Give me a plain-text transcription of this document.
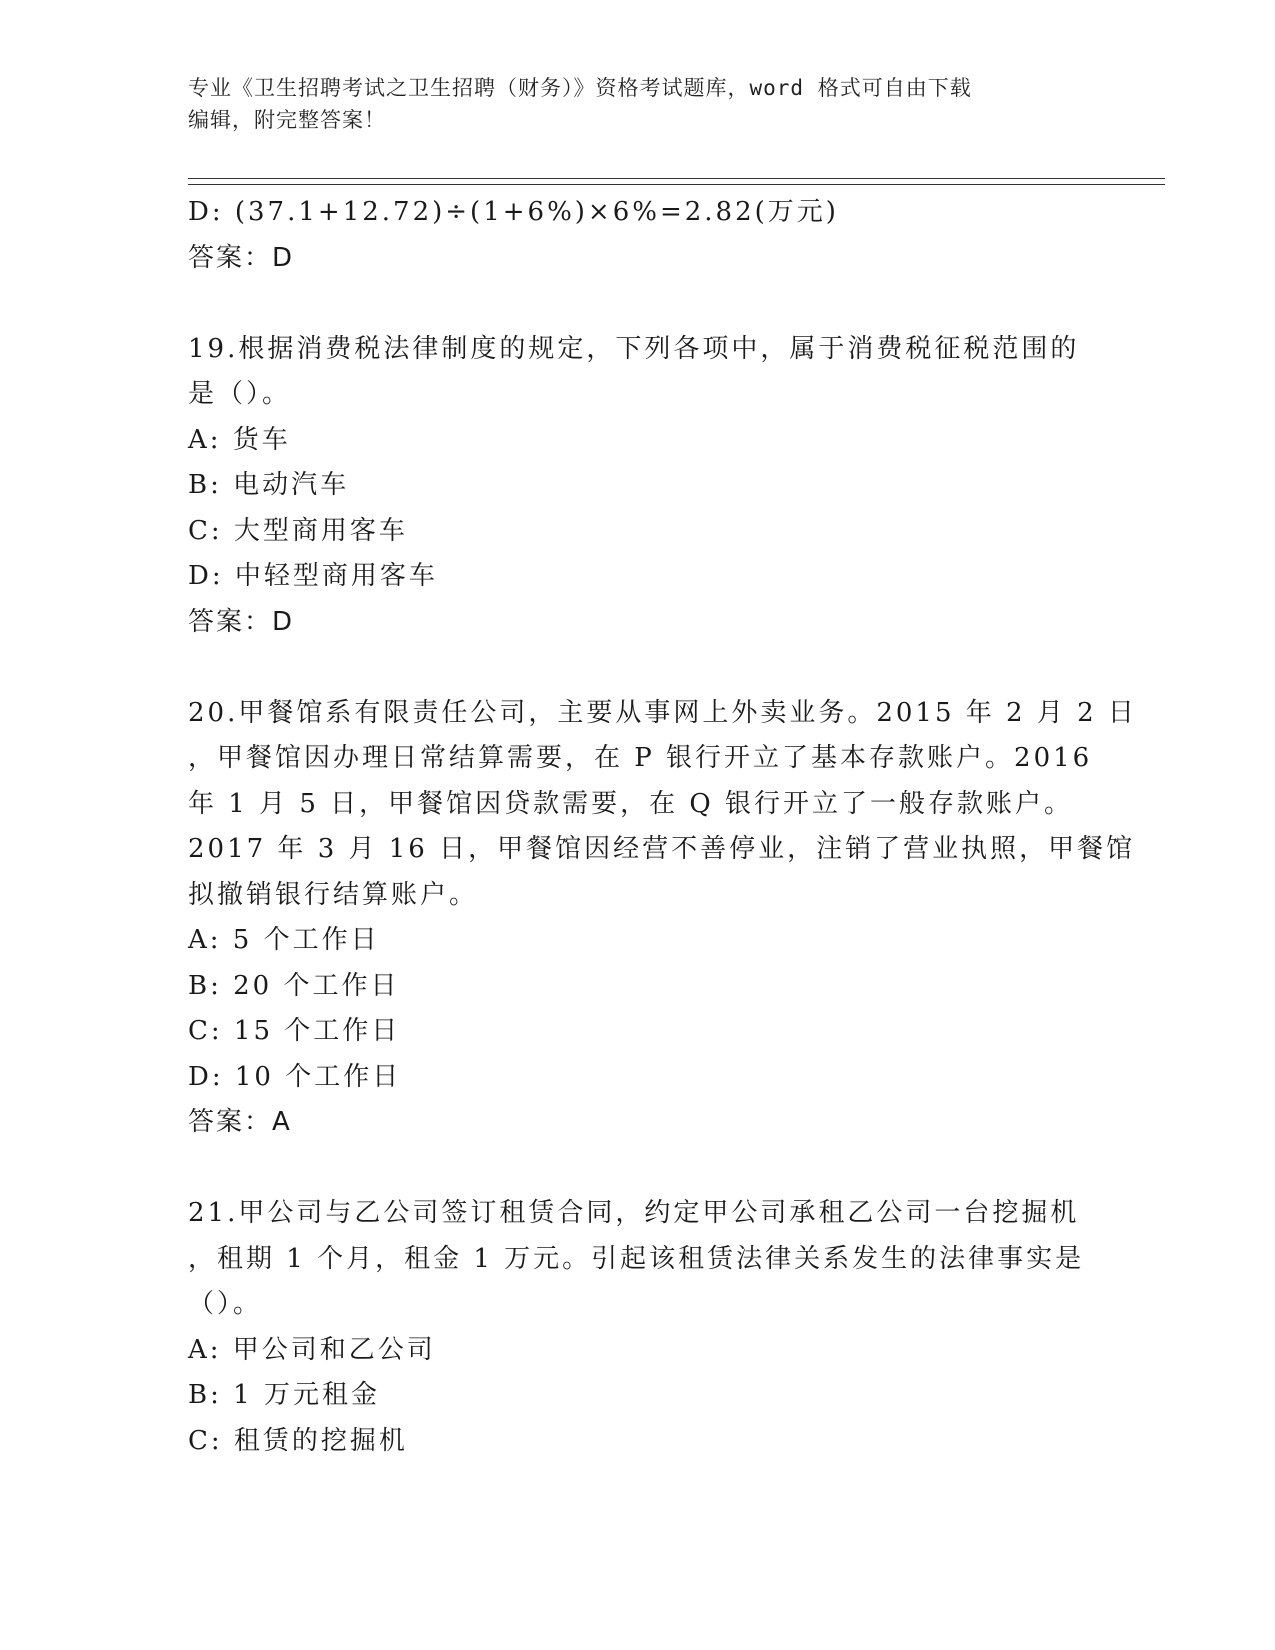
专业《卫生招聘考试之卫生招聘（财务）》资格考试题库，word 格式可自由下载
编辑，附完整答案！
D: (37.1+12.72)÷(1+6%)×6%=2.82(万元)
答案：D
19.根据消费税法律制度的规定，下列各项中，属于消费税征税范围的
是（）。
A: 货车
B: 电动汽车
C: 大型商用客车
D: 中轻型商用客车
答案：D
20.甲餐馆系有限责任公司，主要从事网上外卖业务。2015 年 2 月 2 日
，甲餐馆因办理日常结算需要，在 P 银行开立了基本存款账户。2016
年 1 月 5 日，甲餐馆因贷款需要，在 Q 银行开立了一般存款账户。
2017 年 3 月 16 日，甲餐馆因经营不善停业，注销了营业执照，甲餐馆
拟撤销银行结算账户。
A: 5 个工作日
B: 20 个工作日
C: 15 个工作日
D: 10 个工作日
答案：A
21.甲公司与乙公司签订租赁合同，约定甲公司承租乙公司一台挖掘机
，租期 1 个月，租金 1 万元。引起该租赁法律关系发生的法律事实是
（）。
A: 甲公司和乙公司
B: 1 万元租金
C: 租赁的挖掘机
